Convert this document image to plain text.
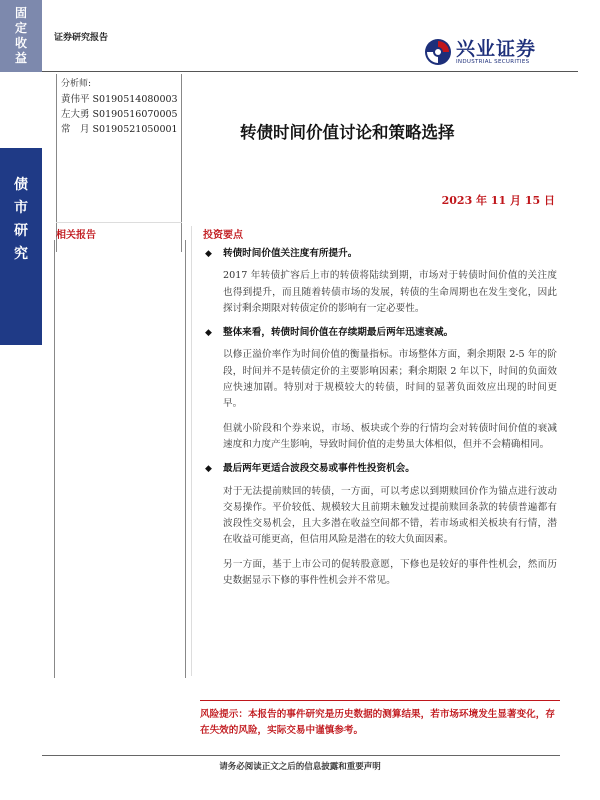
固
定
收
益
债
市
研
究
证券研究报告	兴业证券
INDUSTRIAL SECURITIES
分析师:
黄伟平 S0190514080003
左大勇 S0190516070005
常　月 S0190521050001	转债时间价值讨论和策略选择
2023 年 11 月 15 日
相关报告	投资要点
◆ 转债时间价值关注度有所提升。
2017 年转债扩容后上市的转债将陆续到期，市场对于转债时间价值的关注度也得到提升，而且随着转债市场的发展，转债的生命周期也在发生变化，因此探讨剩余期限对转债定价的影响有一定必要性。
◆ 整体来看，转债时间价值在存续期最后两年迅速衰减。
以修正溢价率作为时间价值的衡量指标。市场整体方面，剩余期限 2-5 年的阶段，时间并不是转债定价的主要影响因素；剩余期限 2 年以下，时间的负面效应快速加剧。特别对于规模较大的转债，时间的显著负面效应出现的时间更早。
但就小阶段和个券来说，市场、板块或个券的行情均会对转债时间价值的衰减速度和力度产生影响，导致时间价值的走势虽大体相似，但并不会精确相同。
◆ 最后两年更适合波段交易或事件性投资机会。
对于无法提前赎回的转债，一方面，可以考虑以到期赎回价作为锚点进行波动交易操作。平价较低、规模较大且前期未触发过提前赎回条款的转债普遍都有波段性交易机会，且大多潜在收益空间都不错，若市场或相关板块有行情，潜在收益可能更高，但信用风险是潜在的较大负面因素。
另一方面，基于上市公司的促转股意愿，下修也是较好的事件性机会，然而历史数据显示下修的事件性机会并不常见。
风险提示：本报告的事件研究是历史数据的测算结果，若市场环境发生显著变化，存在失效的风险，实际交易中谨慎参考。
请务必阅读正文之后的信息披露和重要声明
